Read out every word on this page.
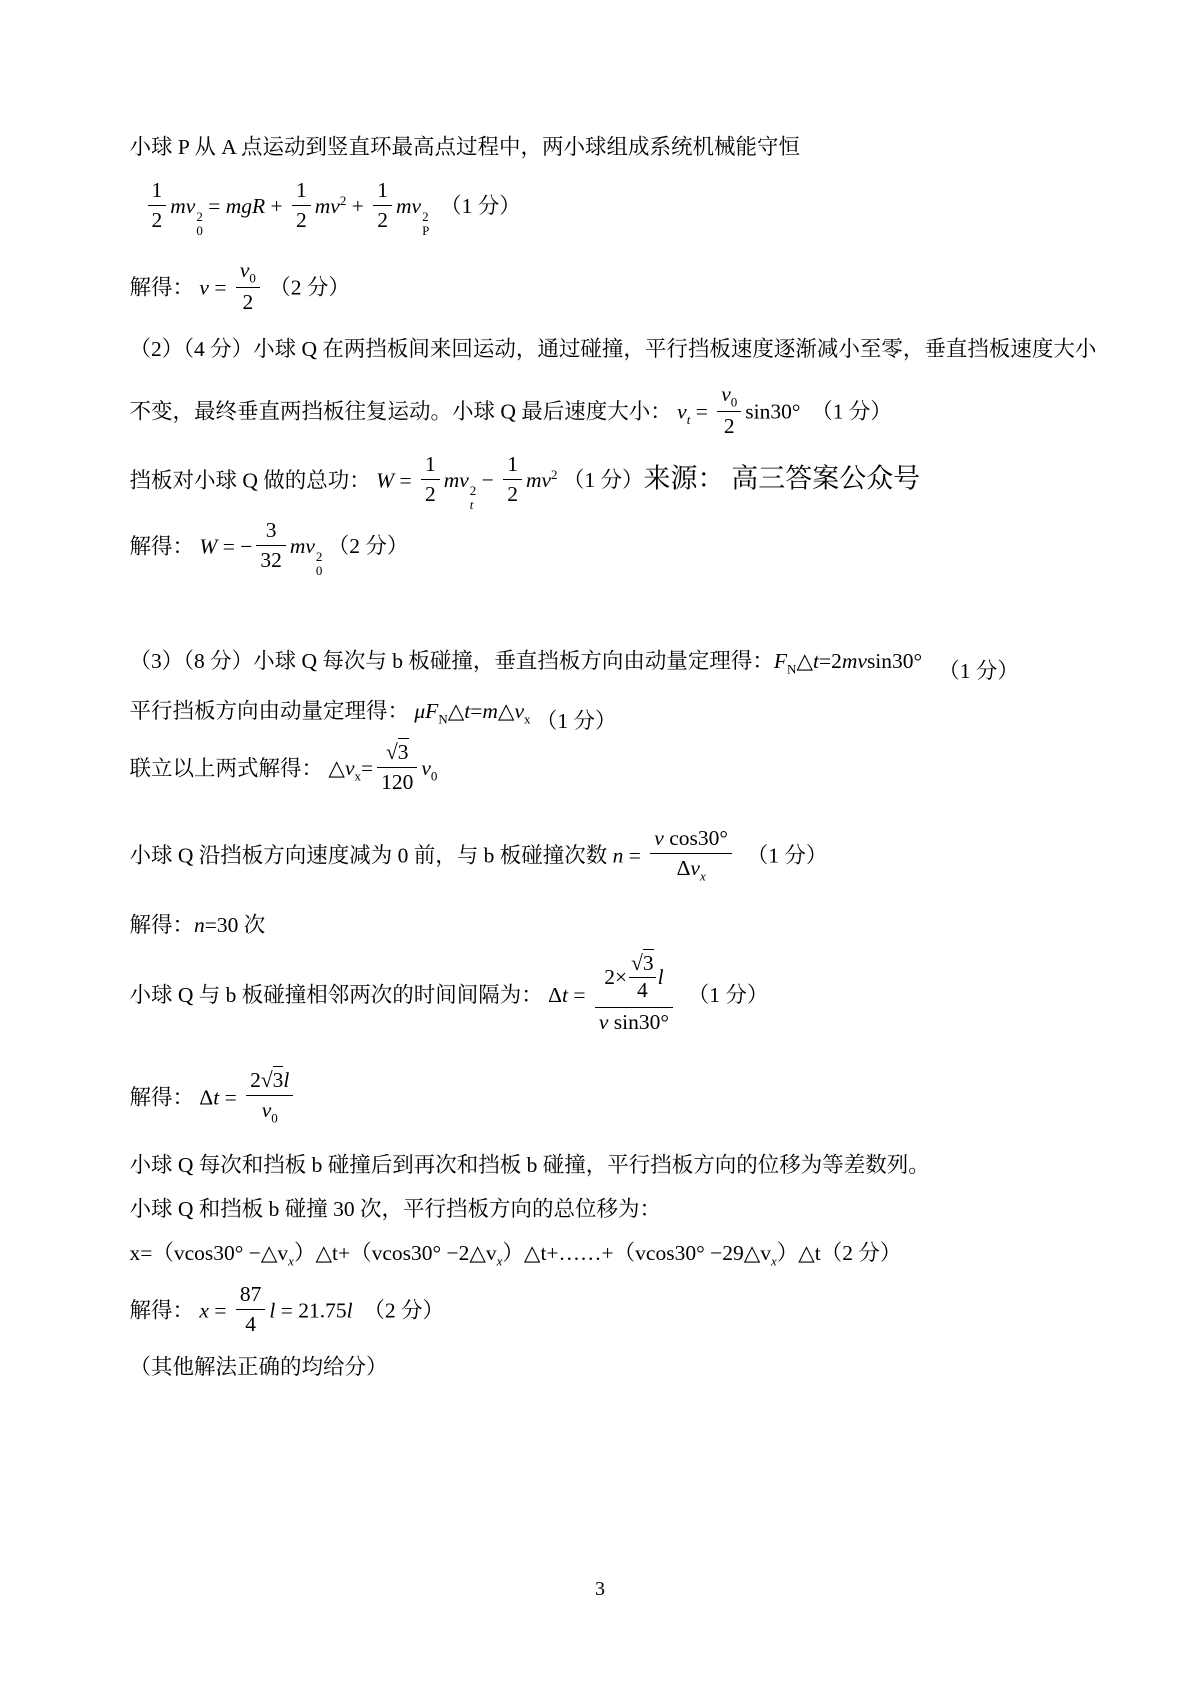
小球 P 从 A 点运动到竖直环最高点过程中，两小球组成系统机械能守恒

$\frac{1}{2}$ mv 2
0
= mgR + $\frac{1}{2} mv^2 + \frac{1}{2}$ mv 2
P
（1 分）

解得： $v = \frac{v_0}{2} (2$ 分）

（2）（4 分）小球 Q 在两挡板间来回运动，通过碰撞，平行挡板速度逐渐减小至零，垂直挡板速度大小

不变，最终垂直两挡板往复运动。小球 Q 最后速度大小： $v_t = \frac{v_0}{2} \sin 30^\circ$ （1 分）

挡板对小球 Q 做的总功： $W = \frac{1}{2}$ mv 2
t
− $\frac{1}{2} mv^2$ （1 分）来源： 高三答案公众号

解得： W = − $\frac{3}{32}$ mv 2
0
（2 分）

（3）（8 分）小球 Q 每次与 b 板碰撞，垂直挡板方向由动量定理得：$F_N\triangle t=2mvsin30^\circ$ （1 分）

平行挡板方向由动量定理得： $\mu F_N\triangle t=m\triangle v_x$ （1 分）

联立以上两式解得： $\triangle v_x= \frac{√3}{120} v_0$

小球 Q 沿挡板方向速度减为 0 前，与 b 板碰撞次数 $n = \frac{\text{v cos30°}}{\Delta v_x} (1$ 分）

解得：n=30 次

小球 Q 与 b 板碰撞相邻两次的时间间隔为： $\Delta t = \frac{2\times \frac{√3}{4} l}{\text{v sin30°}} (1$ 分）

解得： $\Delta t = \frac{2√3l}{v_0}$

小球 Q 每次和挡板 b 碰撞后到再次和挡板 b 碰撞，平行挡板方向的位移为等差数列。

小球 Q 和挡板 b 碰撞 30 次，平行挡板方向的总位移为：

$x=(vcos30^\circ -\triangle v_x)\triangle t+(vcos30^\circ$ $-2\triangle v_x)\triangle t+\dots\dots+(vcos30^\circ$ $-29\triangle v_x)\triangle t(2$ 分）

解得： $x = \frac{87}{4}$ l = 21.75l  （2 分）

（其他解法正确的均给分）

3
